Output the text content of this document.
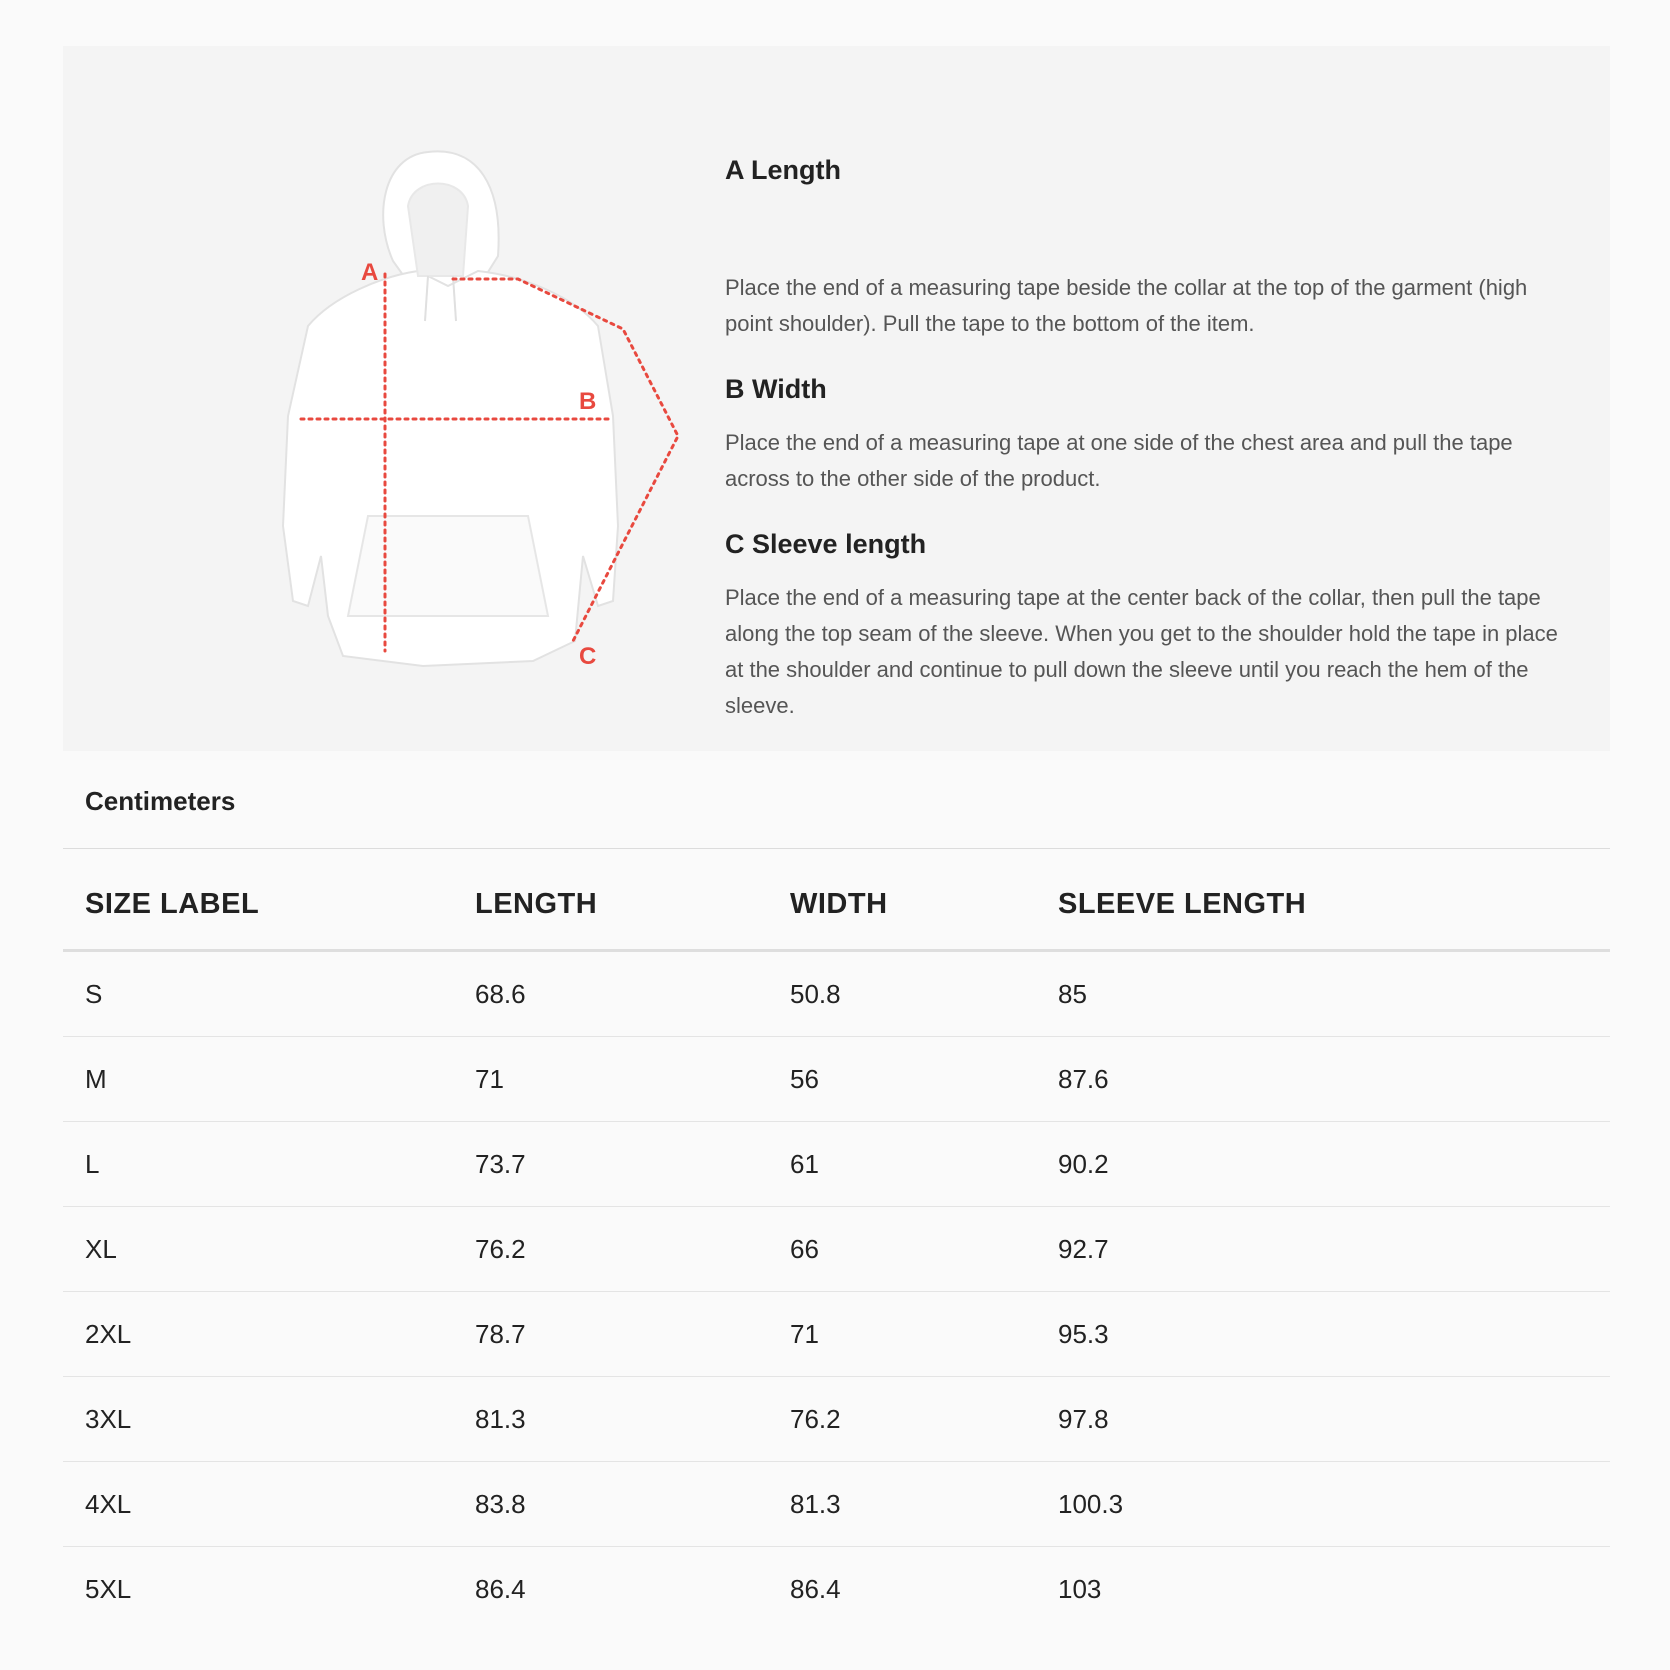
A
B
C
A Length

Place the end of a measuring tape beside the collar at the top of the garment (high point shoulder). Pull the tape to the bottom of the item.

B Width

Place the end of a measuring tape at one side of the chest area and pull the tape across to the other side of the product.

C Sleeve length

Place the end of a measuring tape at the center back of the collar, then pull the tape along the top seam of the sleeve. When you get to the shoulder hold the tape in place at the shoulder and continue to pull down the sleeve until you reach the hem of the sleeve.

Centimeters
SIZE LABEL	LENGTH	WIDTH	SLEEVE LENGTH
S	68.6	50.8	85
M	71	56	87.6
L	73.7	61	90.2
XL	76.2	66	92.7
2XL	78.7	71	95.3
3XL	81.3	76.2	97.8
4XL	83.8	81.3	100.3
5XL	86.4	86.4	103
